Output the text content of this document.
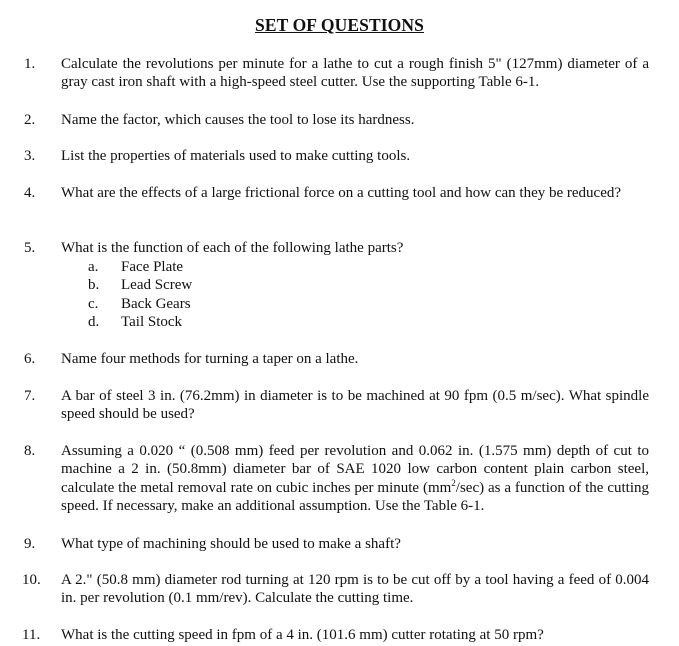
SET OF QUESTIONS
1. Calculate the revolutions per minute for a lathe to cut a rough finish 5" (127mm) diameter of a gray cast iron shaft with a high-speed steel cutter. Use the supporting Table 6-1.
2. Name the factor, which causes the tool to lose its hardness.
3. List the properties of materials used to make cutting tools.
4. What are the effects of a large frictional force on a cutting tool and how can they be reduced?
5. What is the function of each of the following lathe parts?
a. Face Plate
b. Lead Screw
c. Back Gears
d. Tail Stock
6. Name four methods for turning a taper on a lathe.
7. A bar of steel 3 in. (76.2mm) in diameter is to be machined at 90 fpm (0.5 m/sec). What spindle speed should be used?
8. Assuming a 0.020 “ (0.508 mm) feed per revolution and 0.062 in. (1.575 mm) depth of cut to machine a 2 in. (50.8mm) diameter bar of SAE 1020 low carbon content plain carbon steel, calculate the metal removal rate on cubic inches per minute $(mm^2/\sec)$ as a function of the cutting speed. If necessary, make an additional assumption. Use the Table 6-1.
9. What type of machining should be used to make a shaft?
10. A 2." (50.8 mm) diameter rod turning at 120 rpm is to be cut off by a tool having a feed of 0.004 in. per revolution (0.1 mm/rev). Calculate the cutting time.
11. What is the cutting speed in fpm of a 4 in. (101.6 mm) cutter rotating at 50 rpm?
